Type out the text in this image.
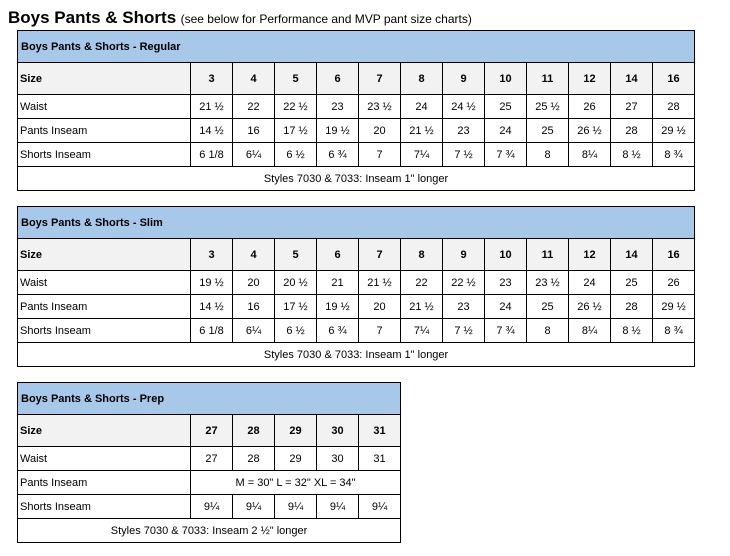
Boys Pants & Shorts (see below for Performance and MVP pant size charts)
Boys Pants & Shorts - Regular												
Size	3	4	5	6	7	8	9	10	11	12	14	16
Waist	21 ½	22	22 ½	23	23 ½	24	24 ½	25	25 ½	26	27	28
Pants Inseam	14 ½	16	17 ½	19 ½	20	21 ½	23	24	25	26 ½	28	29 ½
Shorts Inseam	6 1/8	6¼	6 ½	6 ¾	7	7¼	7 ½	7 ¾	8	8¼	8 ½	8 ¾
Styles 7030 & 7033: Inseam 1" longer												
Boys Pants & Shorts - Slim												
Size	3	4	5	6	7	8	9	10	11	12	14	16
Waist	19 ½	20	20 ½	21	21 ½	22	22 ½	23	23 ½	24	25	26
Pants Inseam	14 ½	16	17 ½	19 ½	20	21 ½	23	24	25	26 ½	28	29 ½
Shorts Inseam	6 1/8	6¼	6 ½	6 ¾	7	7¼	7 ½	7 ¾	8	8¼	8 ½	8 ¾
Styles 7030 & 7033: Inseam 1" longer												
Boys Pants & Shorts - Prep					
Size	27	28	29	30	31
Waist	27	28	29	30	31
Pants Inseam	M = 30" L = 32" XL = 34"				
Shorts Inseam	9¼	9¼	9¼	9¼	9¼
Styles 7030 & 7033: Inseam 2 ½" longer					
